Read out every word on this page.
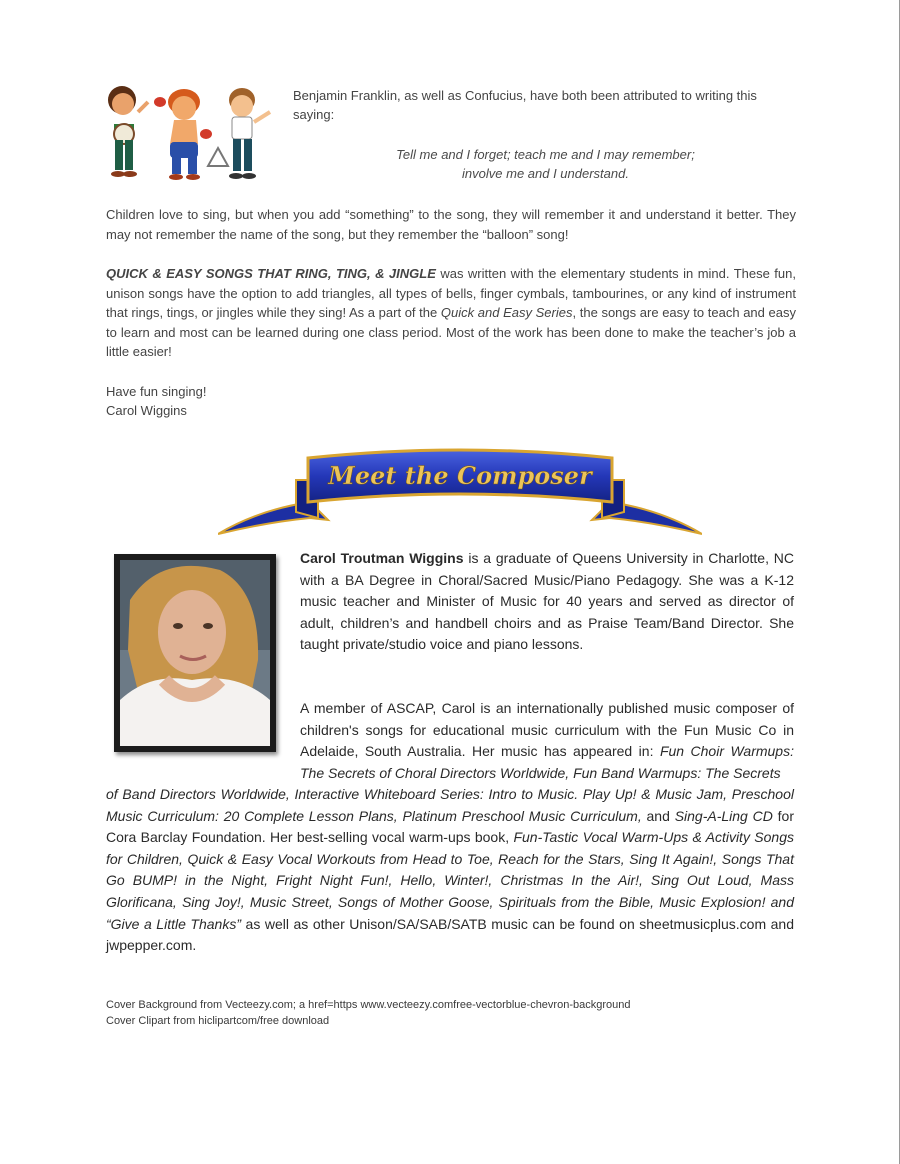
Benjamin Franklin, as well as Confucius, have both been attributed to writing this saying:
Tell me and I forget; teach me and I may remember;
involve me and I understand.
Children love to sing, but when you add “something” to the song, they will remember it and understand it better. They may not remember the name of the song, but they remember the “balloon” song!
QUICK & EASY SONGS THAT RING, TING, & JINGLE was written with the elementary students in mind. These fun, unison songs have the option to add triangles, all types of bells, finger cymbals, tambourines, or any kind of instrument that rings, tings, or jingles while they sing! As a part of the Quick and Easy Series, the songs are easy to teach and easy to learn and most can be learned during one class period. Most of the work has been done to make the teacher’s job a little easier!
Have fun singing!
Carol Wiggins
Meet the Composer
Carol Troutman Wiggins is a graduate of Queens University in Charlotte, NC with a BA Degree in Choral/Sacred Music/Piano Pedagogy. She was a K-12 music teacher and Minister of Music for 40 years and served as director of adult, children’s and handbell choirs and as Praise Team/Band Director. She taught private/studio voice and piano lessons.
A member of ASCAP, Carol is an internationally published music composer of children's songs for educational music curriculum with the Fun Music Co in Adelaide, South Australia. Her music has appeared in: Fun Choir Warmups: The Secrets of Choral Directors Worldwide, Fun Band Warmups: The Secrets
Cover Background from Vecteezy.com; a href=https www.vecteezy.comfree-vectorblue-chevron-background
Cover Clipart from hiclipartcom/free download
of Band Directors Worldwide, Interactive Whiteboard Series: Intro to Music. Play Up! & Music Jam, Preschool Music Curriculum: 20 Complete Lesson Plans, Platinum Preschool Music Curriculum, and Sing-A-Ling CD for Cora Barclay Foundation. Her best-selling vocal warm-ups book, Fun-Tastic Vocal Warm-Ups & Activity Songs for Children, Quick & Easy Vocal Workouts from Head to Toe, Reach for the Stars, Sing It Again!, Songs That Go BUMP! in the Night, Fright Night Fun!, Hello, Winter!, Christmas In the Air!, Sing Out Loud, Mass Glorificana, Sing Joy!, Music Street, Songs of Mother Goose, Spirituals from the Bible, Music Explosion! and “Give a Little Thanks” as well as other Unison/SA/SAB/SATB music can be found on sheetmusicplus.com and jwpepper.com.
